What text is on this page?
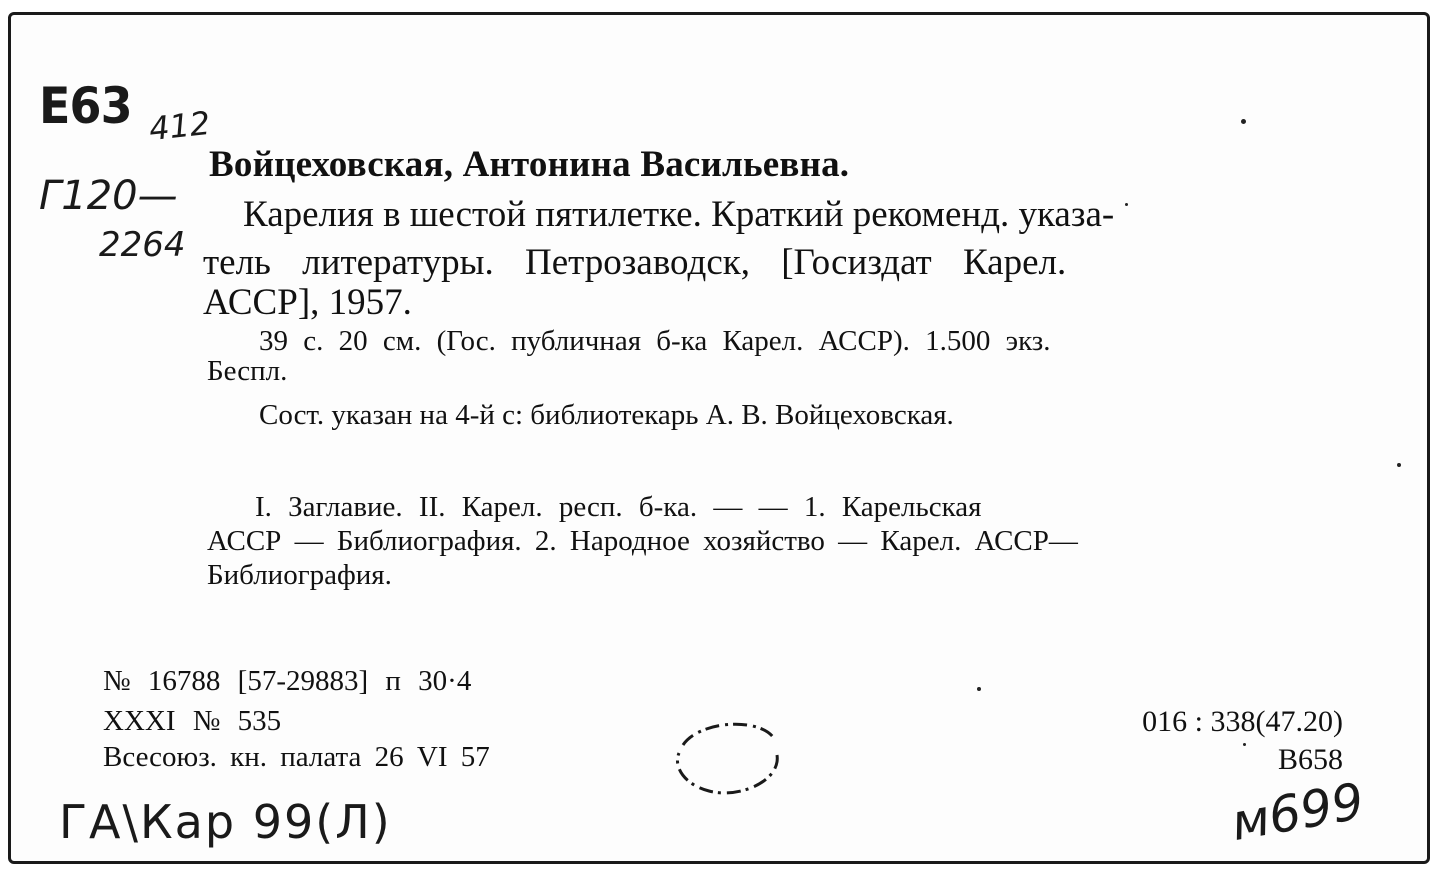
E63 412
Г120—
2264
Войцеховская, Антонина Васильевна.
Карелия в шестой пятилетке. Краткий рекоменд. указа-
тель литературы. Петрозаводск, [Госиздат Карел.
АССР], 1957.
39 с. 20 см. (Гос. публичная б-ка Карел. АССР). 1.500 экз.
Беспл.
Сост. указан на 4-й с: библиотекарь А. В. Войцеховская.
I. Заглавие. II. Карел. респ. б-ка. — — 1. Карельская
АССР — Библиография. 2. Народное хозяйство — Карел. АССР—
Библиография.
№ 16788 [57-29883] п 30·4
XXXI № 535
Всесоюз. кн. палата 26 VI 57
016 : 338(47.20)
В658
ГА\Кар 99(Л)	м699
